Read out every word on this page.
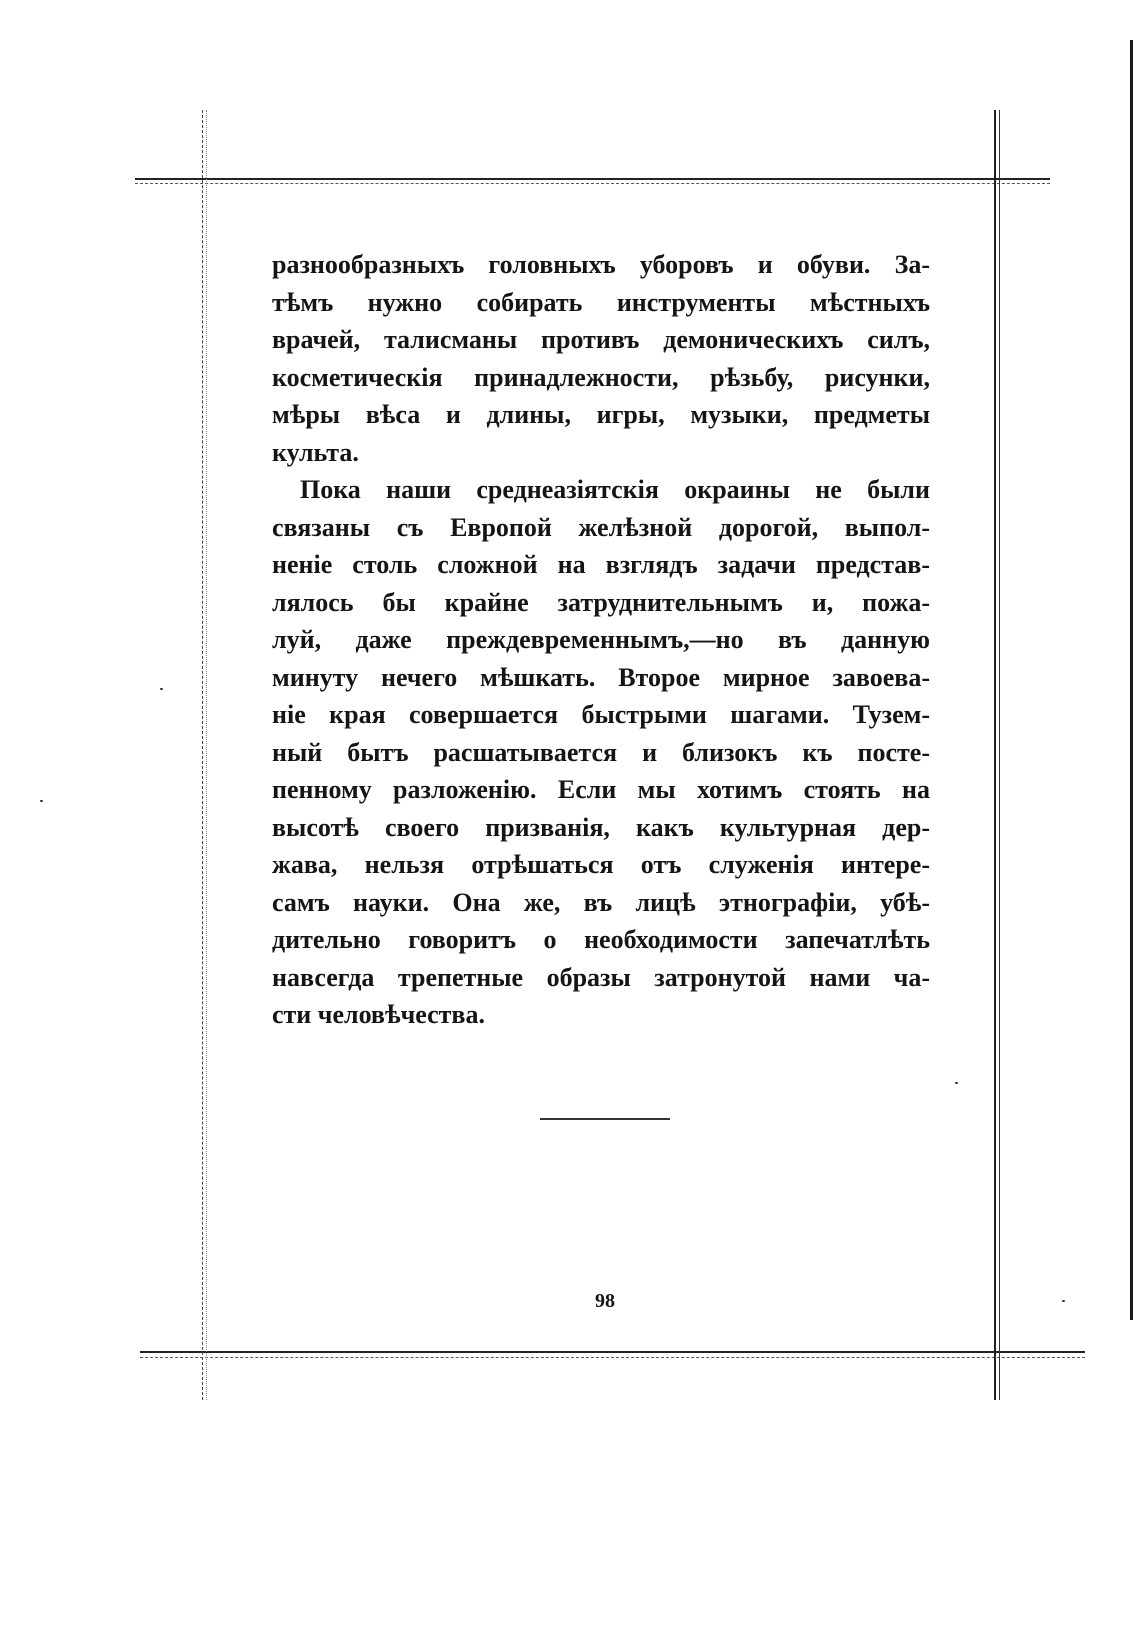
разнообразныхъ головныхъ уборовъ и обуви. За-
тѣмъ нужно собирать инструменты мѣстныхъ
врачей, талисманы противъ демоническихъ силъ,
косметическія принадлежности, рѣзьбу, рисунки,
мѣры вѣса и длины, игры, музыки, предметы
культа.
Пока наши среднеазіятскія окраины не были
связаны съ Европой желѣзной дорогой, выпол-
неніе столь сложной на взглядъ задачи представ-
лялось бы крайне затруднительнымъ и, пожа-
луй, даже преждевременнымъ,—но въ данную
минуту нечего мѣшкать. Второе мирное завоева-
ніе края совершается быстрыми шагами. Тузем-
ный бытъ расшатывается и близокъ къ посте-
пенному разложенію. Если мы хотимъ стоять на
высотѣ своего призванія, какъ культурная дер-
жава, нельзя отрѣшаться отъ служенія интере-
самъ науки. Она же, въ лицѣ этнографіи, убѣ-
дительно говоритъ о необходимости запечатлѣть
навсегда трепетные образы затронутой нами ча-
сти человѣчества.
98
